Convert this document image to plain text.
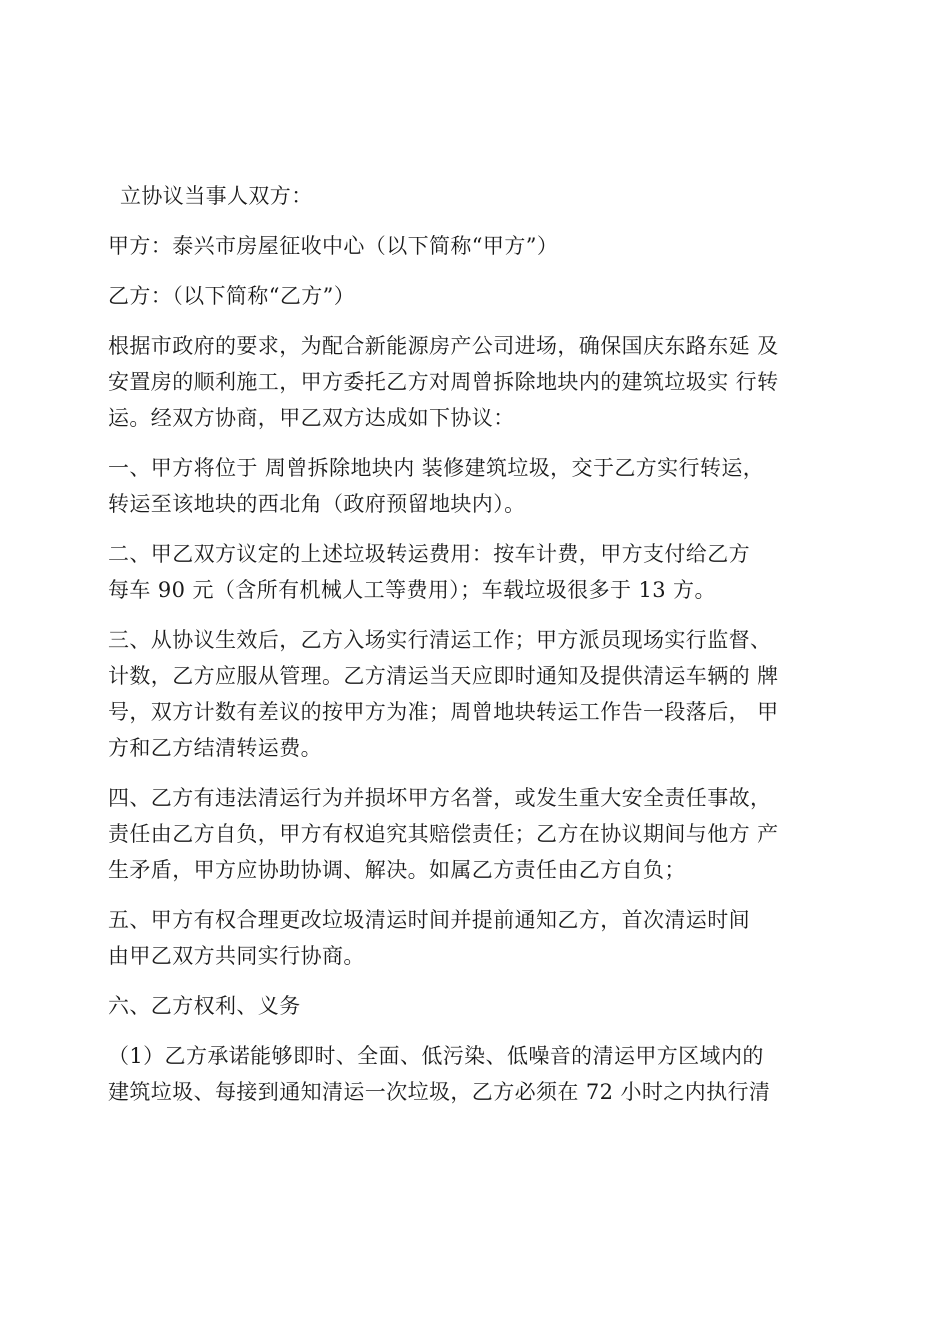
立协议当事人双方：

甲方：泰兴市房屋征收中心（以下简称“甲方”）

乙方：（以下简称“乙方”）

根据市政府的要求，为配合新能源房产公司进场，确保国庆东路东延 及
安置房的顺利施工，甲方委托乙方对周曾拆除地块内的建筑垃圾实 行转
运。经双方协商，甲乙双方达成如下协议：

一、甲方将位于 周曾拆除地块内 装修建筑垃圾，交于乙方实行转运，
转运至该地块的西北角（政府预留地块内）。

二、甲乙双方议定的上述垃圾转运费用：按车计费，甲方支付给乙方
每车 90 元（含所有机械人工等费用）；车载垃圾很多于 13 方。

三、从协议生效后，乙方入场实行清运工作；甲方派员现场实行监督、
计数，乙方应服从管理。乙方清运当天应即时通知及提供清运车辆的 牌
号，双方计数有差议的按甲方为准；周曾地块转运工作告一段落后， 甲
方和乙方结清转运费。

四、乙方有违法清运行为并损坏甲方名誉，或发生重大安全责任事故，
责任由乙方自负，甲方有权追究其赔偿责任；乙方在协议期间与他方 产
生矛盾，甲方应协助协调、解决。如属乙方责任由乙方自负；

五、甲方有权合理更改垃圾清运时间并提前通知乙方，首次清运时间
由甲乙双方共同实行协商。

六、乙方权利、义务

（1）乙方承诺能够即时、全面、低污染、低噪音的清运甲方区域内的
建筑垃圾、每接到通知清运一次垃圾，乙方必须在 72 小时之内执行清
